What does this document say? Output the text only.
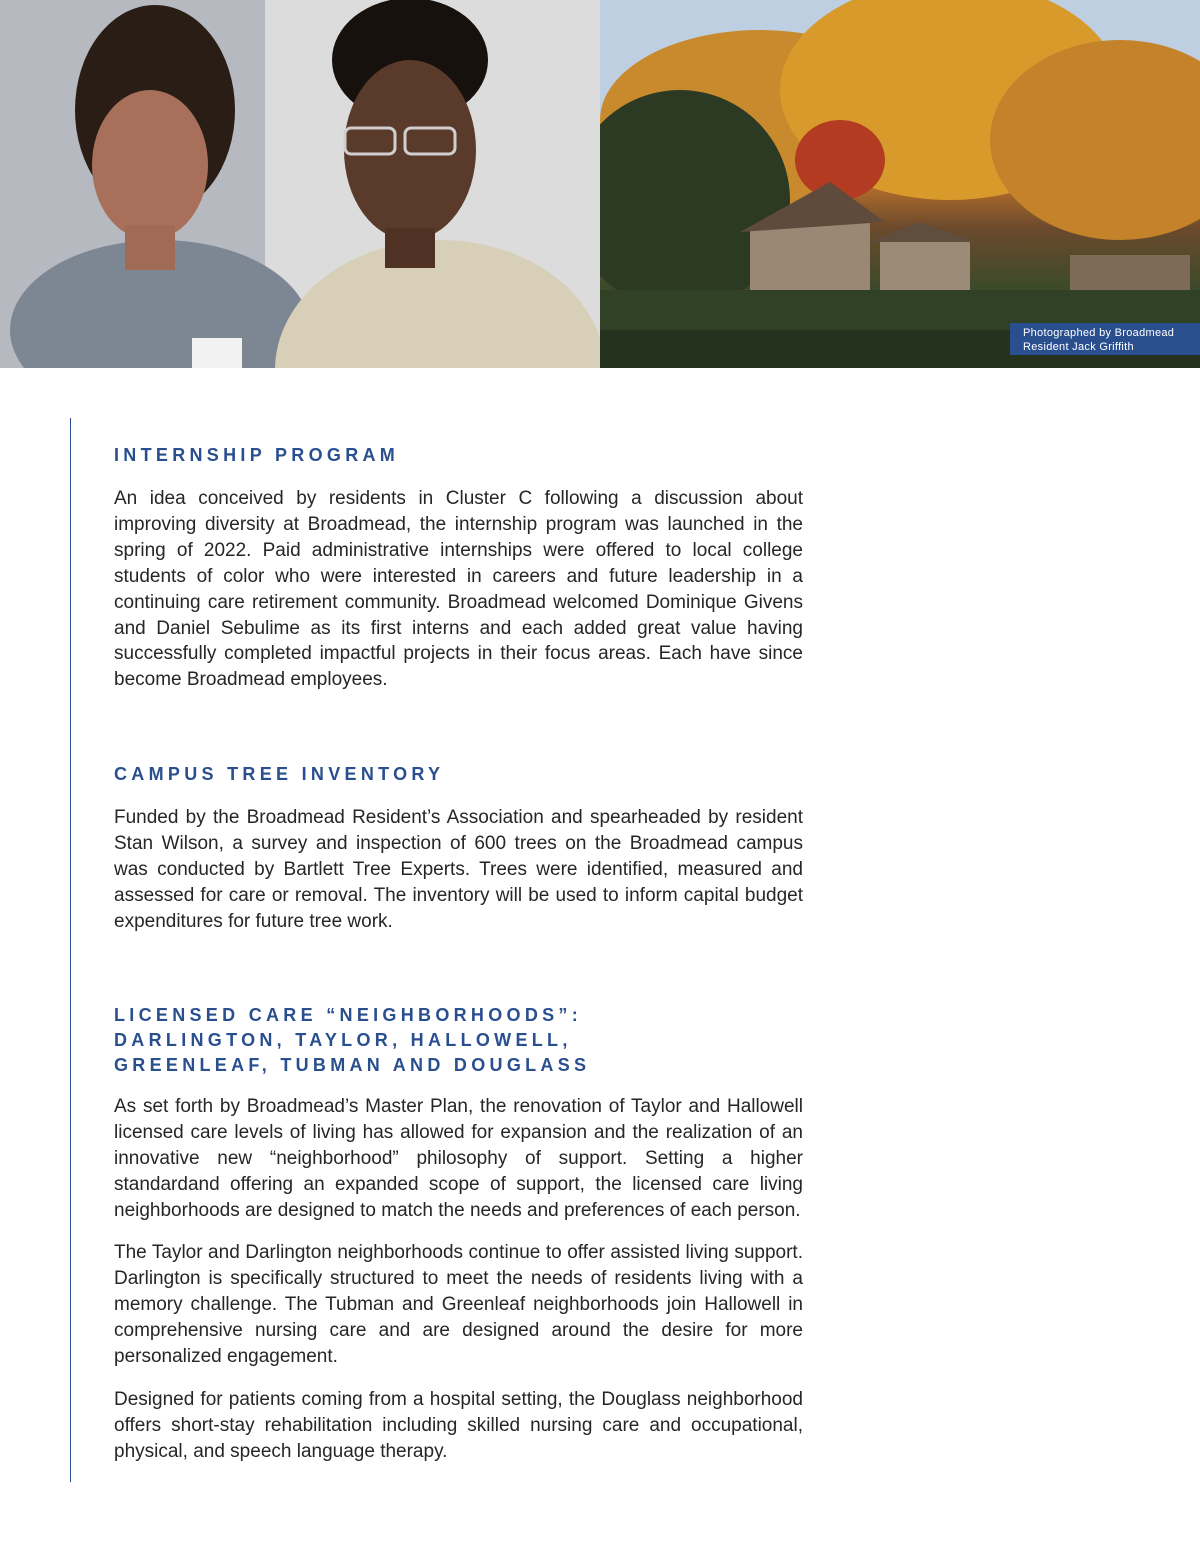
Photographed by Broadmead
Resident Jack Griffith
INTERNSHIP PROGRAM

An idea conceived by residents in Cluster C following a discussion about improving diversity at Broadmead, the internship program was launched in the spring of 2022. Paid administrative internships were offered to local college students of color who were interested in careers and future leadership in a continuing care retirement community. Broadmead welcomed Dominique Givens and Daniel Sebulime as its first interns and each added great value having successfully completed impactful projects in their focus areas. Each have since become Broadmead employees.

CAMPUS TREE INVENTORY

Funded by the Broadmead Resident’s Association and spearheaded by resident Stan Wilson, a survey and inspection of 600 trees on the Broadmead campus was conducted by Bartlett Tree Experts. Trees were identified, measured and assessed for care or removal. The inventory will be used to inform capital budget expenditures for future tree work.

LICENSED CARE “NEIGHBORHOODS”:
DARLINGTON, TAYLOR, HALLOWELL,
GREENLEAF, TUBMAN AND DOUGLASS

As set forth by Broadmead’s Master Plan, the renovation of Taylor and Hallowell licensed care levels of living has allowed for expansion and the realization of an innovative new “neighborhood” philosophy of support. Setting a higher standardand offering an expanded scope of support, the licensed care living neighborhoods are designed to match the needs and preferences of each person.

The Taylor and Darlington neighborhoods continue to offer assisted living support. Darlington is specifically structured to meet the needs of residents living with a memory challenge. The Tubman and Greenleaf neighborhoods join Hallowell in comprehensive nursing care and are designed around the desire for more personalized engagement.

Designed for patients coming from a hospital setting, the Douglass neighborhood offers short-stay rehabilitation including skilled nursing care and occupational, physical, and speech language therapy.
